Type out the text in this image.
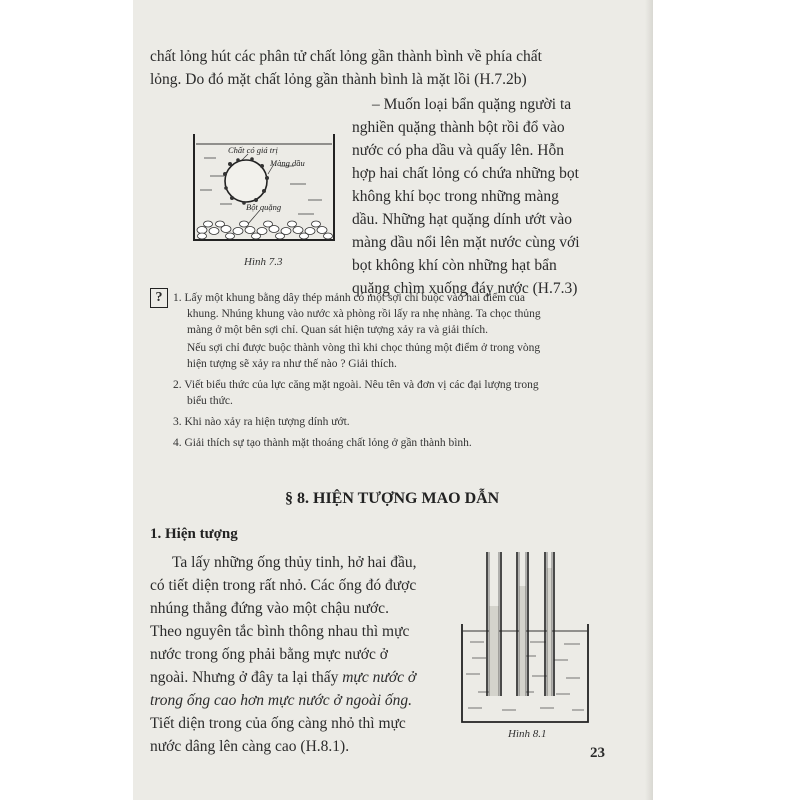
chất lỏng hút các phân tử chất lỏng gần thành bình về phía chất
lỏng. Do đó mặt chất lỏng gần thành bình là mặt lồi (H.7.2b)
– Muốn loại bẩn quặng người ta
nghiền quặng thành bột rồi đổ vào
nước có pha dầu và quấy lên. Hỗn
hợp hai chất lỏng có chứa những bọt
không khí bọc trong những màng
dầu. Những hạt quặng dính ướt vào
màng dầu nổi lên mặt nước cùng với
bọt không khí còn những hạt bẩn
quặng chìm xuống đáy nước (H.7.3)
Chất có giá trị
Màng dầu
Bột quặng
Hình 7.3
? 1. Lấy một khung bằng dây thép mảnh có một sợi chỉ buộc vào hai điểm của
khung. Nhúng khung vào nước xà phòng rồi lấy ra nhẹ nhàng. Ta chọc thủng
màng ở một bên sợi chỉ. Quan sát hiện tượng xảy ra và giải thích.
Nếu sợi chỉ được buộc thành vòng thì khi chọc thủng một điểm ở trong vòng
hiện tượng sẽ xảy ra như thế nào ? Giải thích.
2. Viết biểu thức của lực căng mặt ngoài. Nêu tên và đơn vị các đại lượng trong
biểu thức.
3. Khi nào xảy ra hiện tượng dính ướt.
4. Giải thích sự tạo thành mặt thoáng chất lỏng ở gần thành bình.
§ 8. HIỆN TƯỢNG MAO DẪN
1. Hiện tượng
Ta lấy những ống thủy tinh, hở hai đầu,
có tiết diện trong rất nhỏ. Các ống đó được
nhúng thẳng đứng vào một chậu nước.
Theo nguyên tắc bình thông nhau thì mực
nước trong ống phải bằng mực nước ở
ngoài. Nhưng ở đây ta lại thấy mực nước ở
trong ống cao hơn mực nước ở ngoài ống.
Tiết diện trong của ống càng nhỏ thì mực
nước dâng lên càng cao (H.8.1).
Hình 8.1
23
